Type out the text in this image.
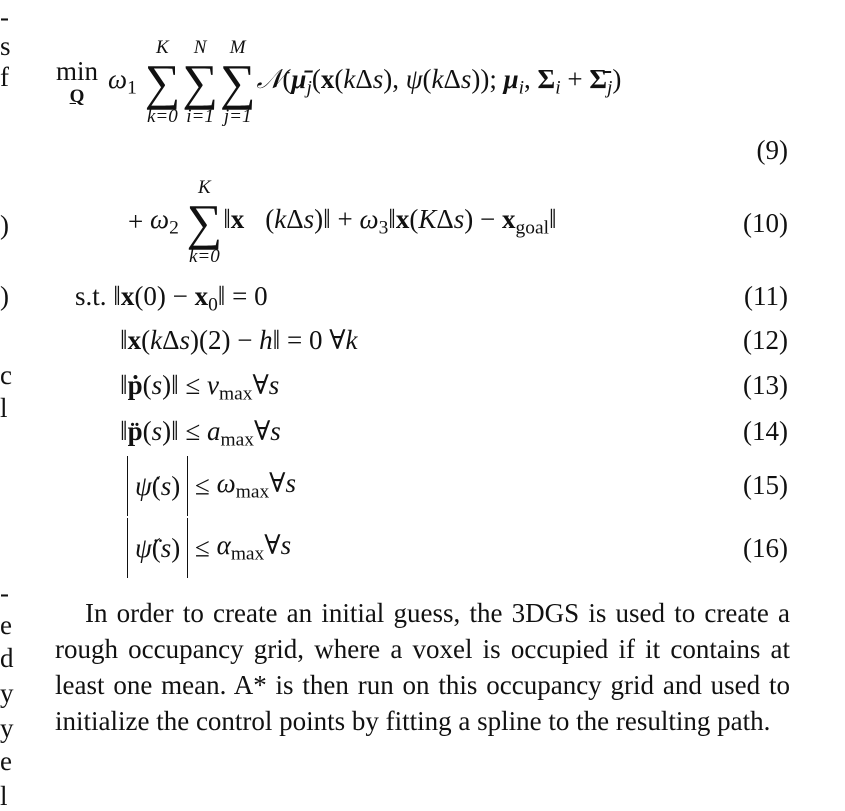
-
s
f
)
)
c
l
-
e
d
y
y
e
l
min
Q
$\omega_1$
K
∑
k=0
N
∑
i=1
M
∑
j=1
$𝒩(\mū_j(x(k\Delta s)$, ψ(kΔs)); $\mu_i$, $\Sigma_i$ + $\Sigmā_j$)
(9)
+ $\omega_2$
K
∑
k=0
‖x⃛(kΔs)‖ + $\omega_3‖x(K\Delta s)$ − $x_{goal}‖$	(10)
s.t. ‖x(0) − $x_0‖ = 0$	(11)
‖x(kΔs)(2) − h‖ = 0 ∀k	(12)
‖ṗ(s)‖ ≤ $v_{max}\forall s$	(13)
‖p̈(s)‖ ≤ $a_{max}\forall s$	(14)
ψ̇(s) ≤ $\omega_{max}\forall s$	(15)
ψ̈(s) ≤ $\alpha_{max}\forall s$	(16)

In order to create an initial guess, the 3DGS is used to create a rough occupancy grid, where a voxel is occupied if it contains at least one mean. A* is then run on this occupancy grid and used to initialize the control points by fitting a spline to the resulting path.
